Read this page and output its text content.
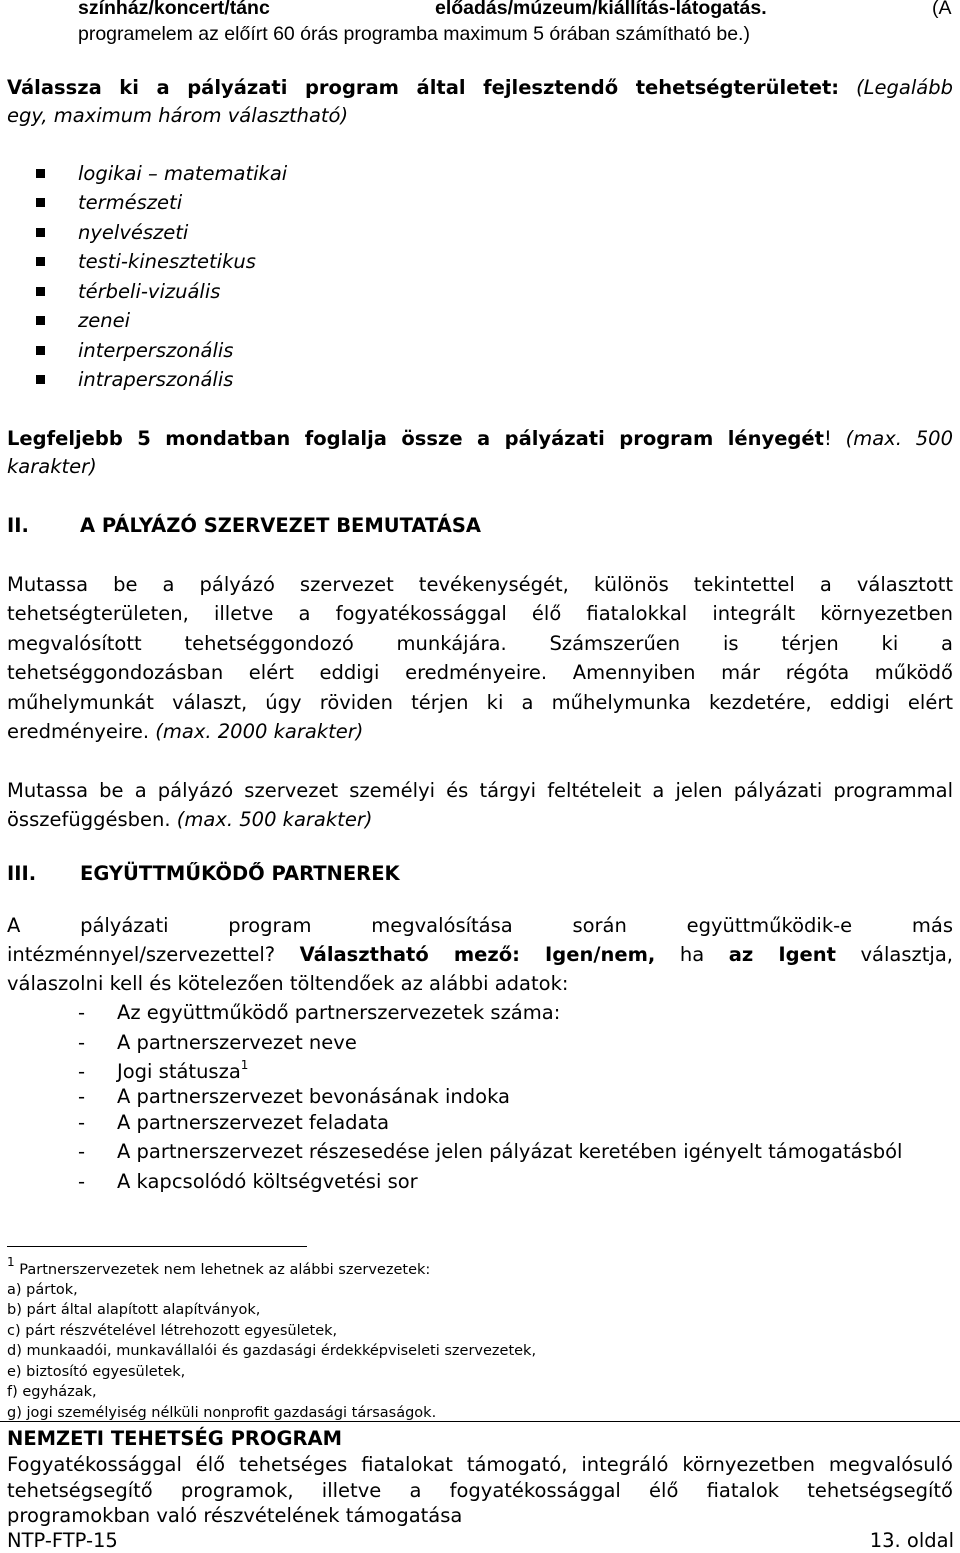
színház/koncert/tánc	előadás/múzeum/kiállítás-látogatás.	(A
programelem az előírt 60 órás programba maximum 5 órában számítható be.)
Válassza ki a pályázati program által fejlesztendő tehetségterületet: (Legalább
egy, maximum három választható)
logikai – matematikai
természeti
nyelvészeti
testi-kinesztetikus
térbeli-vizuális
zenei
interperszonális
intraperszonális
Legfeljebb 5 mondatban foglalja össze a pályázati program lényegét! (max. 500
karakter)
II.	A PÁLYÁZÓ SZERVEZET BEMUTATÁSA
Mutassa be a pályázó szervezet tevékenységét, különös tekintettel a választott
tehetségterületen, illetve a fogyatékossággal élő fiatalokkal integrált környezetben
megvalósított tehetséggondozó munkájára. Számszerűen is térjen ki a
tehetséggondozásban elért eddigi eredményeire. Amennyiben már régóta működő
műhelymunkát választ, úgy röviden térjen ki a műhelymunka kezdetére, eddigi elért
eredményeire. (max. 2000 karakter)
Mutassa be a pályázó szervezet személyi és tárgyi feltételeit a jelen pályázati programmal
összefüggésben. (max. 500 karakter)
III. EGYÜTTMŰKÖDŐ PARTNEREK
A pályázati program megvalósítása során együttműködik-e más
intézménnyel/szervezettel? Választható mező: Igen/nem, ha az Igent választja,
válaszolni kell és kötelezően töltendőek az alábbi adatok:
- Az együttműködő partnerszervezetek száma:
- A partnerszervezet neve
- Jogi státusza$^1$
- A partnerszervezet bevonásának indoka
- A partnerszervezet feladata
- A partnerszervezet részesedése jelen pályázat keretében igényelt támogatásból
- A kapcsolódó költségvetési sor
$^1$ Partnerszervezetek nem lehetnek az alábbi szervezetek:
a) pártok,
b) párt által alapított alapítványok,
c) párt részvételével létrehozott egyesületek,
d) munkaadói, munkavállalói és gazdasági érdekképviseleti szervezetek,
e) biztosító egyesületek,
f) egyházak,
g) jogi személyiség nélküli nonprofit gazdasági társaságok.
NEMZETI TEHETSÉG PROGRAM
Fogyatékossággal élő tehetséges fiatalokat támogató, integráló környezetben megvalósuló
tehetségsegítő programok, illetve a fogyatékossággal élő fiatalok tehetségsegítő
programokban való részvételének támogatása
NTP-FTP-15	13. oldal
